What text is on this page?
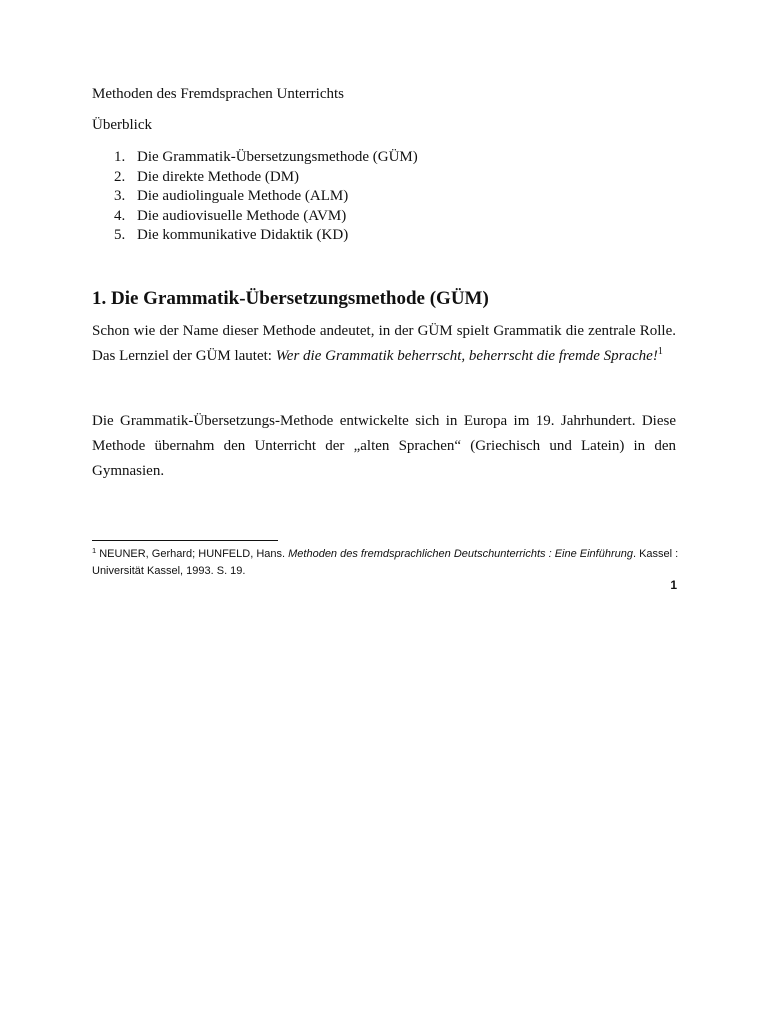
Methoden des Fremdsprachen Unterrichts
Überblick
1. Die Grammatik-Übersetzungsmethode (GÜM)
2. Die direkte Methode (DM)
3. Die audiolinguale Methode (ALM)
4. Die audiovisuelle Methode (AVM)
5. Die kommunikative Didaktik (KD)
1. Die Grammatik-Übersetzungsmethode (GÜM)

Schon wie der Name dieser Methode andeutet, in der GÜM spielt Grammatik die zentrale Rolle. Das Lernziel der GÜM lautet: Wer die Grammatik beherrscht, beherrscht die fremde Sprache!$^1$

Die Grammatik-Übersetzungs-Methode entwickelte sich in Europa im 19. Jahrhundert. Diese Methode übernahm den Unterricht der „alten Sprachen“ (Griechisch und Latein) in den Gymnasien.

$^1$ NEUNER, Gerhard; HUNFELD, Hans. Methoden des fremdsprachlichen Deutschunterrichts : Eine Einführung. Kassel : Universität Kassel, 1993. S. 19.

1
